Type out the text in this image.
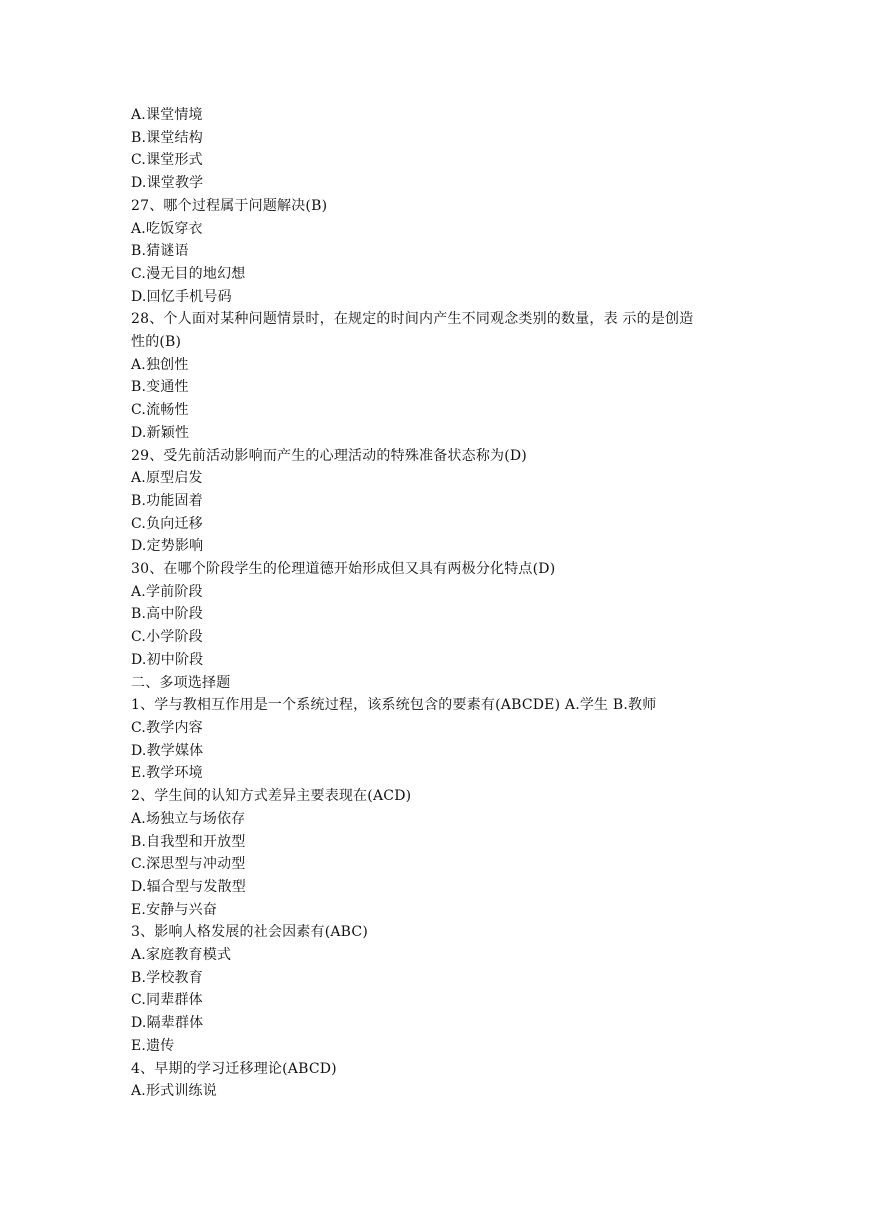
A.课堂情境
B.课堂结构
C.课堂形式
D.课堂教学
27、哪个过程属于问题解决(B)
A.吃饭穿衣
B.猜谜语
C.漫无目的地幻想
D.回忆手机号码
28、个人面对某种问题情景时，在规定的时间内产生不同观念类别的数量，表 示的是创造
性的(B)
A.独创性
B.变通性
C.流畅性
D.新颖性
29、受先前活动影响而产生的心理活动的特殊准备状态称为(D)
A.原型启发
B.功能固着
C.负向迁移
D.定势影响
30、在哪个阶段学生的伦理道德开始形成但又具有两极分化特点(D)
A.学前阶段
B.高中阶段
C.小学阶段
D.初中阶段
二、多项选择题
1、学与教相互作用是一个系统过程，该系统包含的要素有(ABCDE) A.学生 B.教师
C.教学内容
D.教学媒体
E.教学环境
2、学生间的认知方式差异主要表现在(ACD)
A.场独立与场依存
B.自我型和开放型
C.深思型与冲动型
D.辐合型与发散型
E.安静与兴奋
3、影响人格发展的社会因素有(ABC)
A.家庭教育模式
B.学校教育
C.同辈群体
D.隔辈群体
E.遗传
4、早期的学习迁移理论(ABCD)
A.形式训练说
